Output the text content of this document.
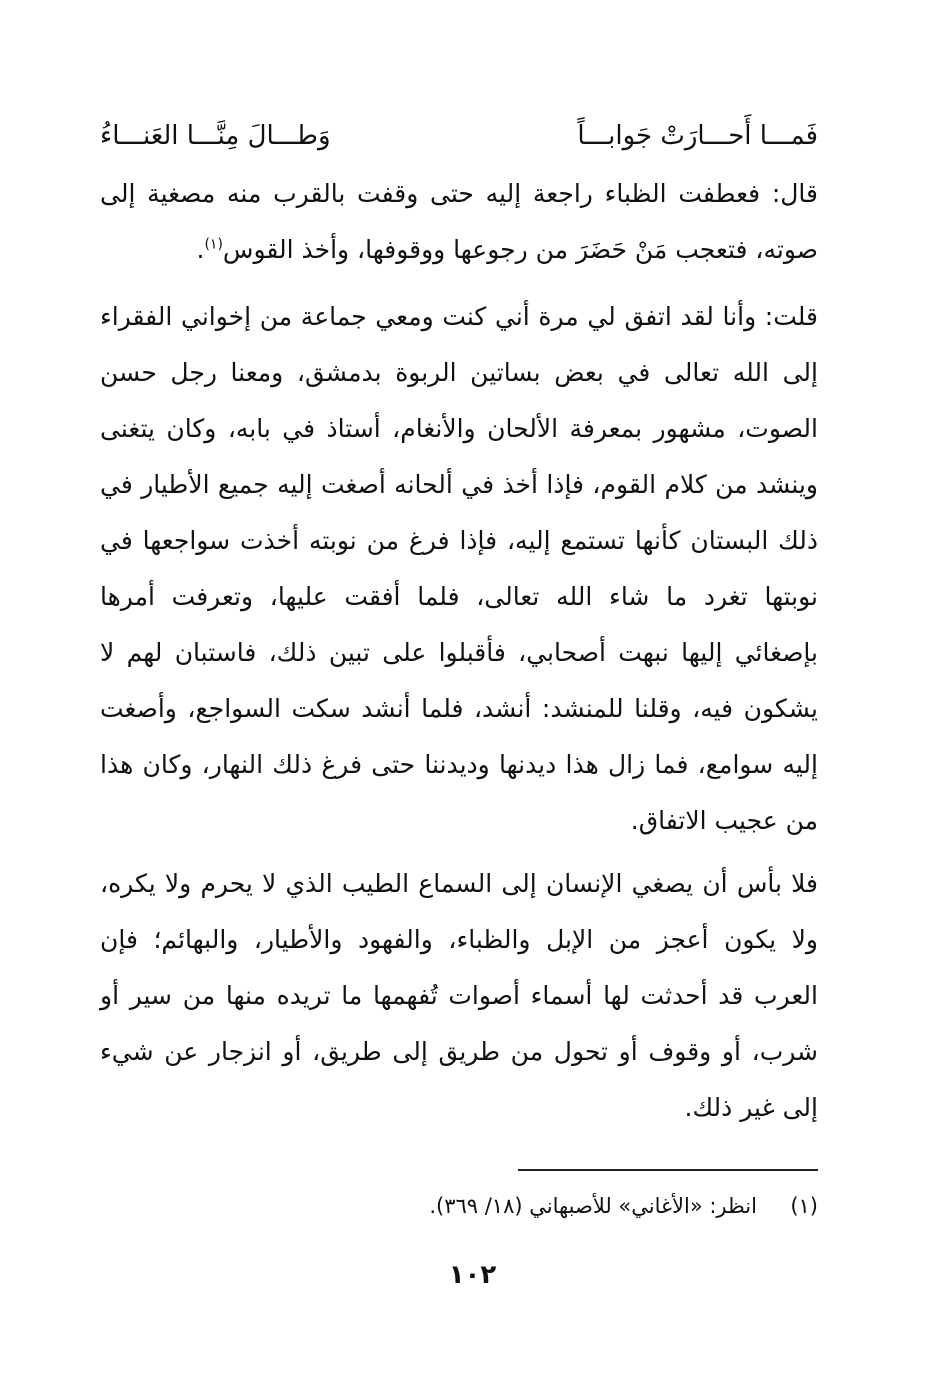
فَمـــا أَحـــارَتْ جَوابـــاً
وَطـــالَ مِنَّـــا العَنـــاءُ

قال: فعطفت الظباء راجعة إليه حتى وقفت بالقرب منه مصغية إلى صوته، فتعجب مَنْ حَضَرَ من رجوعها ووقوفها، وأخذ القوس$^{(١)}$.

قلت: وأنا لقد اتفق لي مرة أني كنت ومعي جماعة من إخواني الفقراء إلى الله تعالى في بعض بساتين الربوة بدمشق، ومعنا رجل حسن الصوت، مشهور بمعرفة الألحان والأنغام، أستاذ في بابه، وكان يتغنى وينشد من كلام القوم، فإذا أخذ في ألحانه أصغت إليه جميع الأطيار في ذلك البستان كأنها تستمع إليه، فإذا فرغ من نوبته أخذت سواجعها في نوبتها تغرد ما شاء الله تعالى، فلما أفقت عليها، وتعرفت أمرها بإصغائي إليها نبهت أصحابي، فأقبلوا على تبين ذلك، فاستبان لهم لا يشكون فيه، وقلنا للمنشد: أنشد، فلما أنشد سكت السواجع، وأصغت إليه سوامع، فما زال هذا ديدنها وديدننا حتى فرغ ذلك النهار، وكان هذا من عجيب الاتفاق.

فلا بأس أن يصغي الإنسان إلى السماع الطيب الذي لا يحرم ولا يكره، ولا يكون أعجز من الإبل والظباء، والفهود والأطيار، والبهائم؛ فإن العرب قد أحدثت لها أسماء أصوات تُفهمها ما تريده منها من سير أو شرب، أو وقوف أو تحول من طريق إلى طريق، أو انزجار عن شيء إلى غير ذلك.

(١)     انظر: «الأغاني» للأصبهاني (١٨/ ٣٦٩).
١٠٢
